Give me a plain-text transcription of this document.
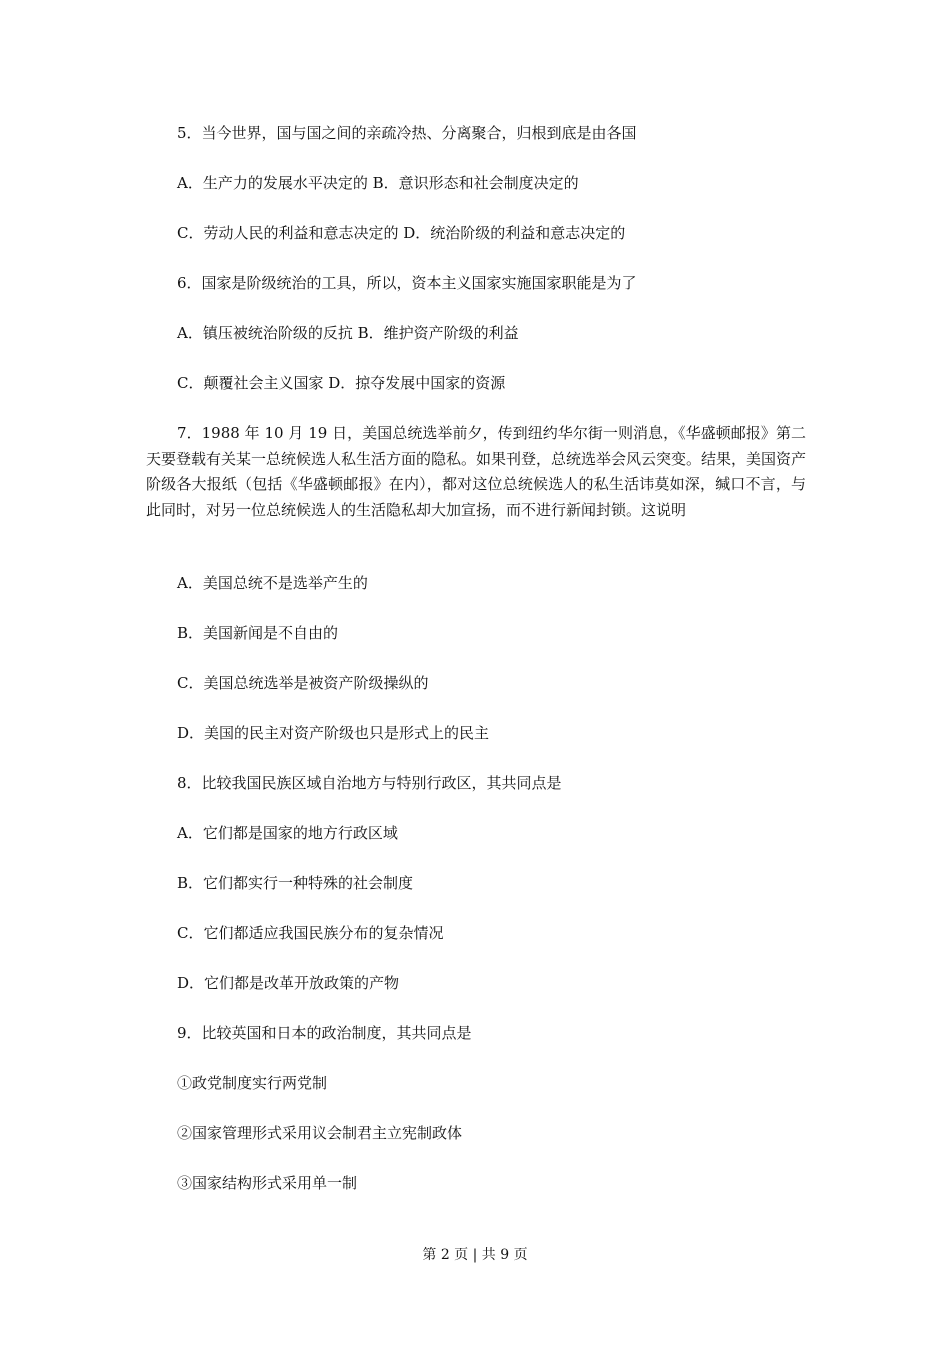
5．当今世界，国与国之间的亲疏冷热、分离聚合，归根到底是由各国
A．生产力的发展水平决定的 B．意识形态和社会制度决定的
C．劳动人民的利益和意志决定的 D．统治阶级的利益和意志决定的
6．国家是阶级统治的工具，所以，资本主义国家实施国家职能是为了
A．镇压被统治阶级的反抗 B．维护资产阶级的利益
C．颠覆社会主义国家 D．掠夺发展中国家的资源
7．1988 年 10 月 19 日，美国总统选举前夕，传到纽约华尔街一则消息，《华盛顿邮报》第二天要登载有关某一总统候选人私生活方面的隐私。如果刊登，总统选举会风云突变。结果，美国资产阶级各大报纸（包括《华盛顿邮报》在内），都对这位总统候选人的私生活讳莫如深，缄口不言，与此同时，对另一位总统候选人的生活隐私却大加宣扬，而不进行新闻封锁。这说明
A．美国总统不是选举产生的
B．美国新闻是不自由的
C．美国总统选举是被资产阶级操纵的
D．美国的民主对资产阶级也只是形式上的民主
8．比较我国民族区域自治地方与特别行政区，其共同点是
A．它们都是国家的地方行政区域
B．它们都实行一种特殊的社会制度
C．它们都适应我国民族分布的复杂情况
D．它们都是改革开放政策的产物
9．比较英国和日本的政治制度，其共同点是
①政党制度实行两党制
②国家管理形式采用议会制君主立宪制政体
③国家结构形式采用单一制
第 2 页 | 共 9 页
